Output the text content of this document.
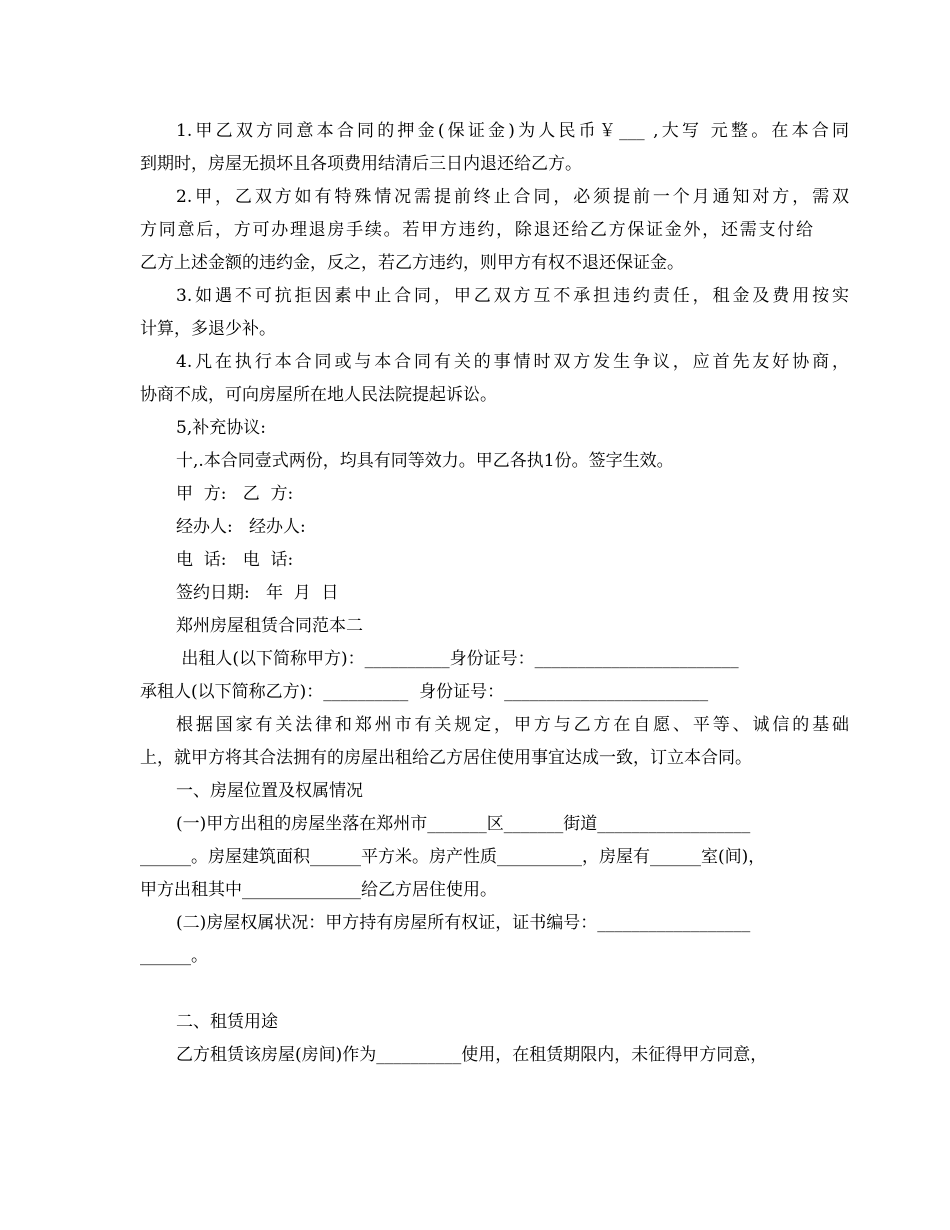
1.甲乙双方同意本合同的押金(保证金)为人民币￥___ ,大写 元整。在本合同
到期时，房屋无损坏且各项费用结清后三日内退还给乙方。
2.甲，乙双方如有特殊情况需提前终止合同，必须提前一个月通知对方，需双
方同意后，方可办理退房手续。若甲方违约，除退还给乙方保证金外，还需支付给
乙方上述金额的违约金，反之，若乙方违约，则甲方有权不退还保证金。
3.如遇不可抗拒因素中止合同，甲乙双方互不承担违约责任，租金及费用按实
计算，多退少补。
4.凡在执行本合同或与本合同有关的事情时双方发生争议，应首先友好协商，
协商不成，可向房屋所在地人民法院提起诉讼。
5,补充协议:
十,.本合同壹式两份，均具有同等效力。甲乙各执1份。签字生效。
甲  方:   乙  方:
经办人:   经办人:
电  话:   电  话:
签约日期:   年  月  日
郑州房屋租赁合同范本二
出租人(以下简称甲方)：__________身份证号：________________________
承租人(以下简称乙方)：__________  身份证号：________________________
根据国家有关法律和郑州市有关规定，甲方与乙方在自愿、平等、诚信的基础
上，就甲方将其合法拥有的房屋出租给乙方居住使用事宜达成一致，订立本合同。
一、房屋位置及权属情况
(一)甲方出租的房屋坐落在郑州市_______区_______街道__________________
______。房屋建筑面积______平方米。房产性质__________，房屋有______室(间)，
甲方出租其中______________给乙方居住使用。
(二)房屋权属状况：甲方持有房屋所有权证，证书编号：__________________
______。
二、租赁用途
乙方租赁该房屋(房间)作为__________使用，在租赁期限内，未征得甲方同意，
